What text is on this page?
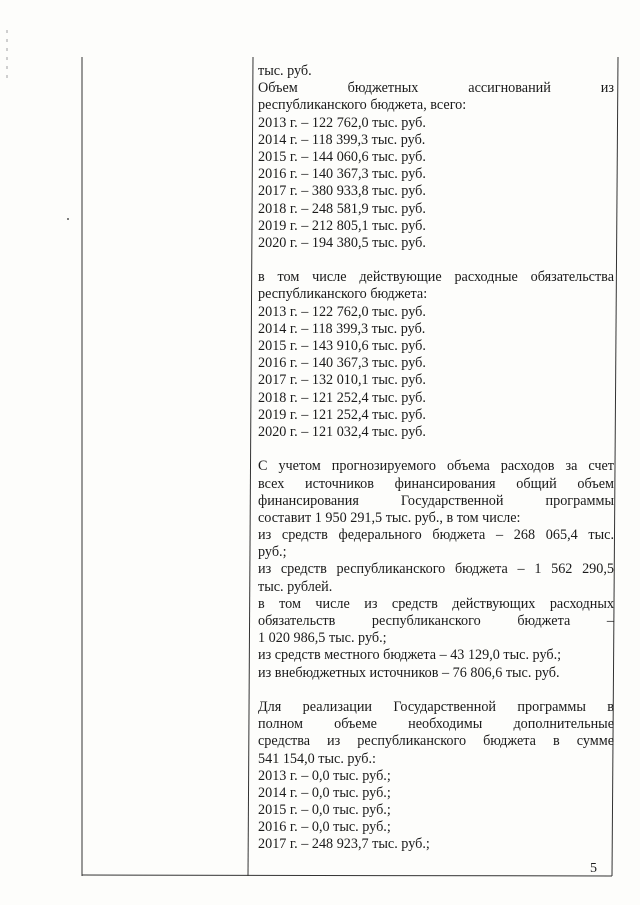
тыс. руб.
Объем бюджетных ассигнований из
республиканского бюджета, всего:
2013 г. – 122 762,0 тыс. руб.
2014 г. – 118 399,3 тыс. руб.
2015 г. – 144 060,6 тыс. руб.
2016 г. – 140 367,3 тыс. руб.
2017 г. – 380 933,8 тыс. руб.
2018 г. – 248 581,9 тыс. руб.
2019 г. – 212 805,1 тыс. руб.
2020 г. – 194 380,5 тыс. руб.
в том числе действующие расходные обязательства
республиканского бюджета:
2013 г. – 122 762,0 тыс. руб.
2014 г. – 118 399,3 тыс. руб.
2015 г. – 143 910,6 тыс. руб.
2016 г. – 140 367,3 тыс. руб.
2017 г. – 132 010,1 тыс. руб.
2018 г. – 121 252,4 тыс. руб.
2019 г. – 121 252,4 тыс. руб.
2020 г. – 121 032,4 тыс. руб.
С учетом прогнозируемого объема расходов за счет
всех источников финансирования общий объем
финансирования Государственной программы
составит 1 950 291,5 тыс. руб., в том числе:
из средств федерального бюджета – 268 065,4 тыс.
руб.;
из средств республиканского бюджета – 1 562 290,5
тыс. рублей.
в том числе из средств действующих расходных
обязательств республиканского бюджета –
1 020 986,5 тыс. руб.;
из средств местного бюджета – 43 129,0 тыс. руб.;
из внебюджетных источников – 76 806,6 тыс. руб.
Для реализации Государственной программы в
полном объеме необходимы дополнительные
средства из республиканского бюджета в сумме
541 154,0 тыс. руб.:
2013 г. – 0,0 тыс. руб.;
2014 г. – 0,0 тыс. руб.;
2015 г. – 0,0 тыс. руб.;
2016 г. – 0,0 тыс. руб.;
2017 г. – 248 923,7 тыс. руб.;
5
